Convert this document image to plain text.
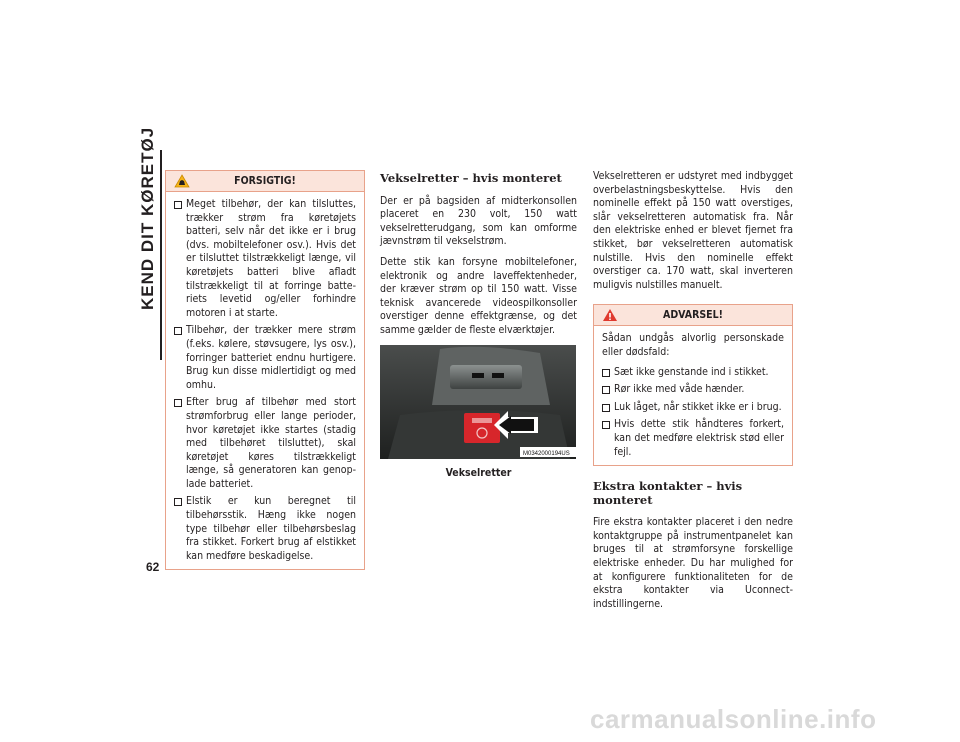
KEND DIT KØRETØJ
62
FORSIGTIG!
Meget tilbehør, der kan tilsluttes, trækker strøm fra køretøjets batteri, selv når det ikke er i brug (dvs. mobiltelefoner osv.). Hvis det er tilsluttet tilstrækkeligt længe, vil køretøjets batteri blive afladt tilstrækkeligt til at forringe batteriets levetid og/eller forhindre motoren i at starte.
Tilbehør, der trækker mere strøm (f.eks. kølere, støvsugere, lys osv.), forringer batteriet endnu hurtigere. Brug kun disse midlertidigt og med omhu.
Efter brug af tilbehør med stort strømforbrug eller lange perioder, hvor køretøjet ikke startes (stadig med tilbehøret tilsluttet), skal køretøjet køres tilstrækkeligt længe, så generatoren kan genoplade batteriet.
Elstik er kun beregnet til tilbehørsstik. Hæng ikke nogen type tilbehør eller tilbehørsbeslag fra stikket. Forkert brug af elstikket kan medføre beskadigelse.
Vekselretter – hvis monteret

Der er på bagsiden af midterkonsollen placeret en 230 volt, 150 watt vekselretterudgang, som kan omforme jævnstrøm til vekselstrøm.

Dette stik kan forsyne mobiltelefoner, elektronik og andre laveffektenheder, der kræver strøm op til 150 watt. Visse teknisk avancerede videospilkonsoller overstiger denne effektgrænse, og det samme gælder de fleste elværktøjer.

M0342000194US
Vekselretter

Vekselretteren er udstyret med indbygget overbelastningsbeskyttelse. Hvis den nominelle effekt på 150 watt overstiges, slår vekselretteren automatisk fra. Når den elektriske enhed er blevet fjernet fra stikket, bør vekselretteren automatisk nulstille. Hvis den nominelle effekt overstiger ca. 170 watt, skal inverteren muligvis nulstilles manuelt.

ADVARSEL!

Sådan undgås alvorlig personskade eller dødsfald:

Sæt ikke genstande ind i stikket.
Rør ikke med våde hænder.
Luk låget, når stikket ikke er i brug.
Hvis dette stik håndteres forkert, kan det medføre elektrisk stød eller fejl.
Ekstra kontakter – hvis monteret

Fire ekstra kontakter placeret i den nedre kontaktgruppe på instrumentpanelet kan bruges til at strømforsyne forskellige elektriske enheder. Du har mulighed for at konfigurere funktionaliteten for de ekstra kontakter via Uconnect-indstillingerne.

carmanualsonline.info
